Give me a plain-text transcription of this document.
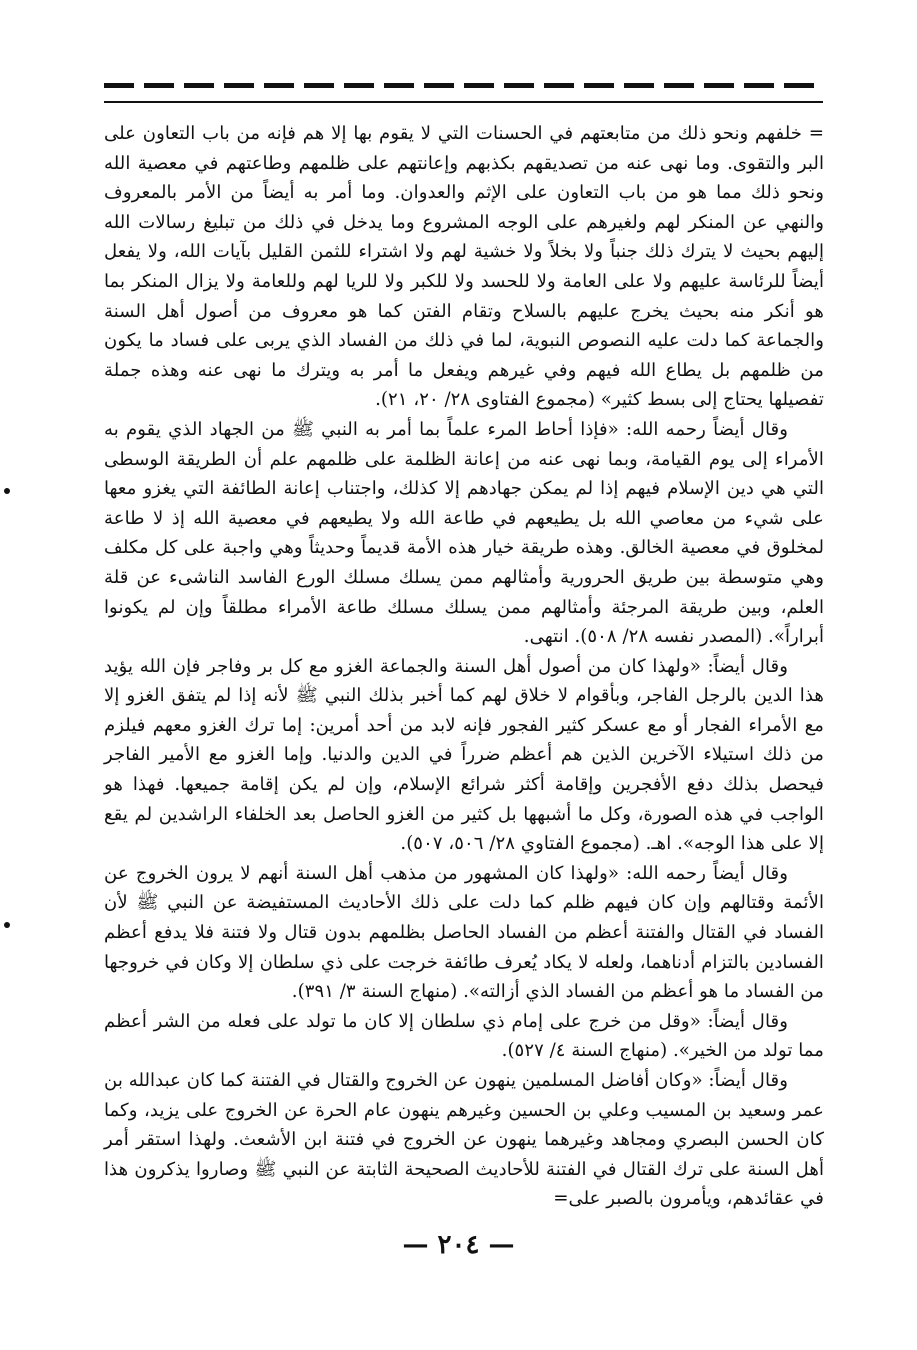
= خلفهم ونحو ذلك من متابعتهم في الحسنات التي لا يقوم بها إلا هم فإنه من باب التعاون على البر والتقوى. وما نهى عنه من تصديقهم بكذبهم وإعانتهم على ظلمهم وطاعتهم في معصية الله ونحو ذلك مما هو من باب التعاون على الإثم والعدوان. وما أمر به أيضاً من الأمر بالمعروف والنهي عن المنكر لهم ولغيرهم على الوجه المشروع وما يدخل في ذلك من تبليغ رسالات الله إليهم بحيث لا يترك ذلك جنباً ولا بخلاً ولا خشية لهم ولا اشتراء للثمن القليل بآيات الله، ولا يفعل أيضاً للرئاسة عليهم ولا على العامة ولا للحسد ولا للكبر ولا للريا لهم وللعامة ولا يزال المنكر بما هو أنكر منه بحيث يخرج عليهم بالسلاح وتقام الفتن كما هو معروف من أصول أهل السنة والجماعة كما دلت عليه النصوص النبوية، لما في ذلك من الفساد الذي يربى على فساد ما يكون من ظلمهم بل يطاع الله فيهم وفي غيرهم ويفعل ما أمر به ويترك ما نهى عنه وهذه جملة تفصيلها يحتاج إلى بسط كثير» (مجموع الفتاوى ٢٨/ ٢٠، ٢١).

وقال أيضاً رحمه الله: «فإذا أحاط المرء علماً بما أمر به النبي ﷺ من الجهاد الذي يقوم به الأمراء إلى يوم القيامة، وبما نهى عنه من إعانة الظلمة على ظلمهم علم أن الطريقة الوسطى التي هي دين الإسلام فيهم إذا لم يمكن جهادهم إلا كذلك، واجتناب إعانة الطائفة التي يغزو معها على شيء من معاصي الله بل يطيعهم في طاعة الله ولا يطيعهم في معصية الله إذ لا طاعة لمخلوق في معصية الخالق. وهذه طريقة خيار هذه الأمة قديماً وحديثاً وهي واجبة على كل مكلف وهي متوسطة بين طريق الحرورية وأمثالهم ممن يسلك مسلك الورع الفاسد الناشىء عن قلة العلم، وبين طريقة المرجئة وأمثالهم ممن يسلك مسلك طاعة الأمراء مطلقاً وإن لم يكونوا أبراراً». (المصدر نفسه ٢٨/ ٥٠٨). انتهى.

وقال أيضاً: «ولهذا كان من أصول أهل السنة والجماعة الغزو مع كل بر وفاجر فإن الله يؤيد هذا الدين بالرجل الفاجر، وبأقوام لا خلاق لهم كما أخبر بذلك النبي ﷺ لأنه إذا لم يتفق الغزو إلا مع الأمراء الفجار أو مع عسكر كثير الفجور فإنه لابد من أحد أمرين: إما ترك الغزو معهم فيلزم من ذلك استيلاء الآخرين الذين هم أعظم ضرراً في الدين والدنيا. وإما الغزو مع الأمير الفاجر فيحصل بذلك دفع الأفجرين وإقامة أكثر شرائع الإسلام، وإن لم يكن إقامة جميعها. فهذا هو الواجب في هذه الصورة، وكل ما أشبهها بل كثير من الغزو الحاصل بعد الخلفاء الراشدين لم يقع إلا على هذا الوجه». اهـ. (مجموع الفتاوي ٢٨/ ٥٠٦، ٥٠٧).

وقال أيضاً رحمه الله: «ولهذا كان المشهور من مذهب أهل السنة أنهم لا يرون الخروج عن الأئمة وقتالهم وإن كان فيهم ظلم كما دلت على ذلك الأحاديث المستفيضة عن النبي ﷺ لأن الفساد في القتال والفتنة أعظم من الفساد الحاصل بظلمهم بدون قتال ولا فتنة فلا يدفع أعظم الفسادين بالتزام أدناهما، ولعله لا يكاد يُعرف طائفة خرجت على ذي سلطان إلا وكان في خروجها من الفساد ما هو أعظم من الفساد الذي أزالته». (منهاج السنة ٣/ ٣٩١).

وقال أيضاً: «وقل من خرج على إمام ذي سلطان إلا كان ما تولد على فعله من الشر أعظم مما تولد من الخير». (منهاج السنة ٤/ ٥٢٧).

وقال أيضاً: «وكان أفاضل المسلمين ينهون عن الخروج والقتال في الفتنة كما كان عبدالله بن عمر وسعيد بن المسيب وعلي بن الحسين وغيرهم ينهون عام الحرة عن الخروج على يزيد، وكما كان الحسن البصري ومجاهد وغيرهما ينهون عن الخروج في فتنة ابن الأشعث. ولهذا استقر أمر أهل السنة على ترك القتال في الفتنة للأحاديث الصحيحة الثابتة عن النبي ﷺ وصاروا يذكرون هذا في عقائدهم، ويأمرون بالصبر على=

— ٢٠٤ —
